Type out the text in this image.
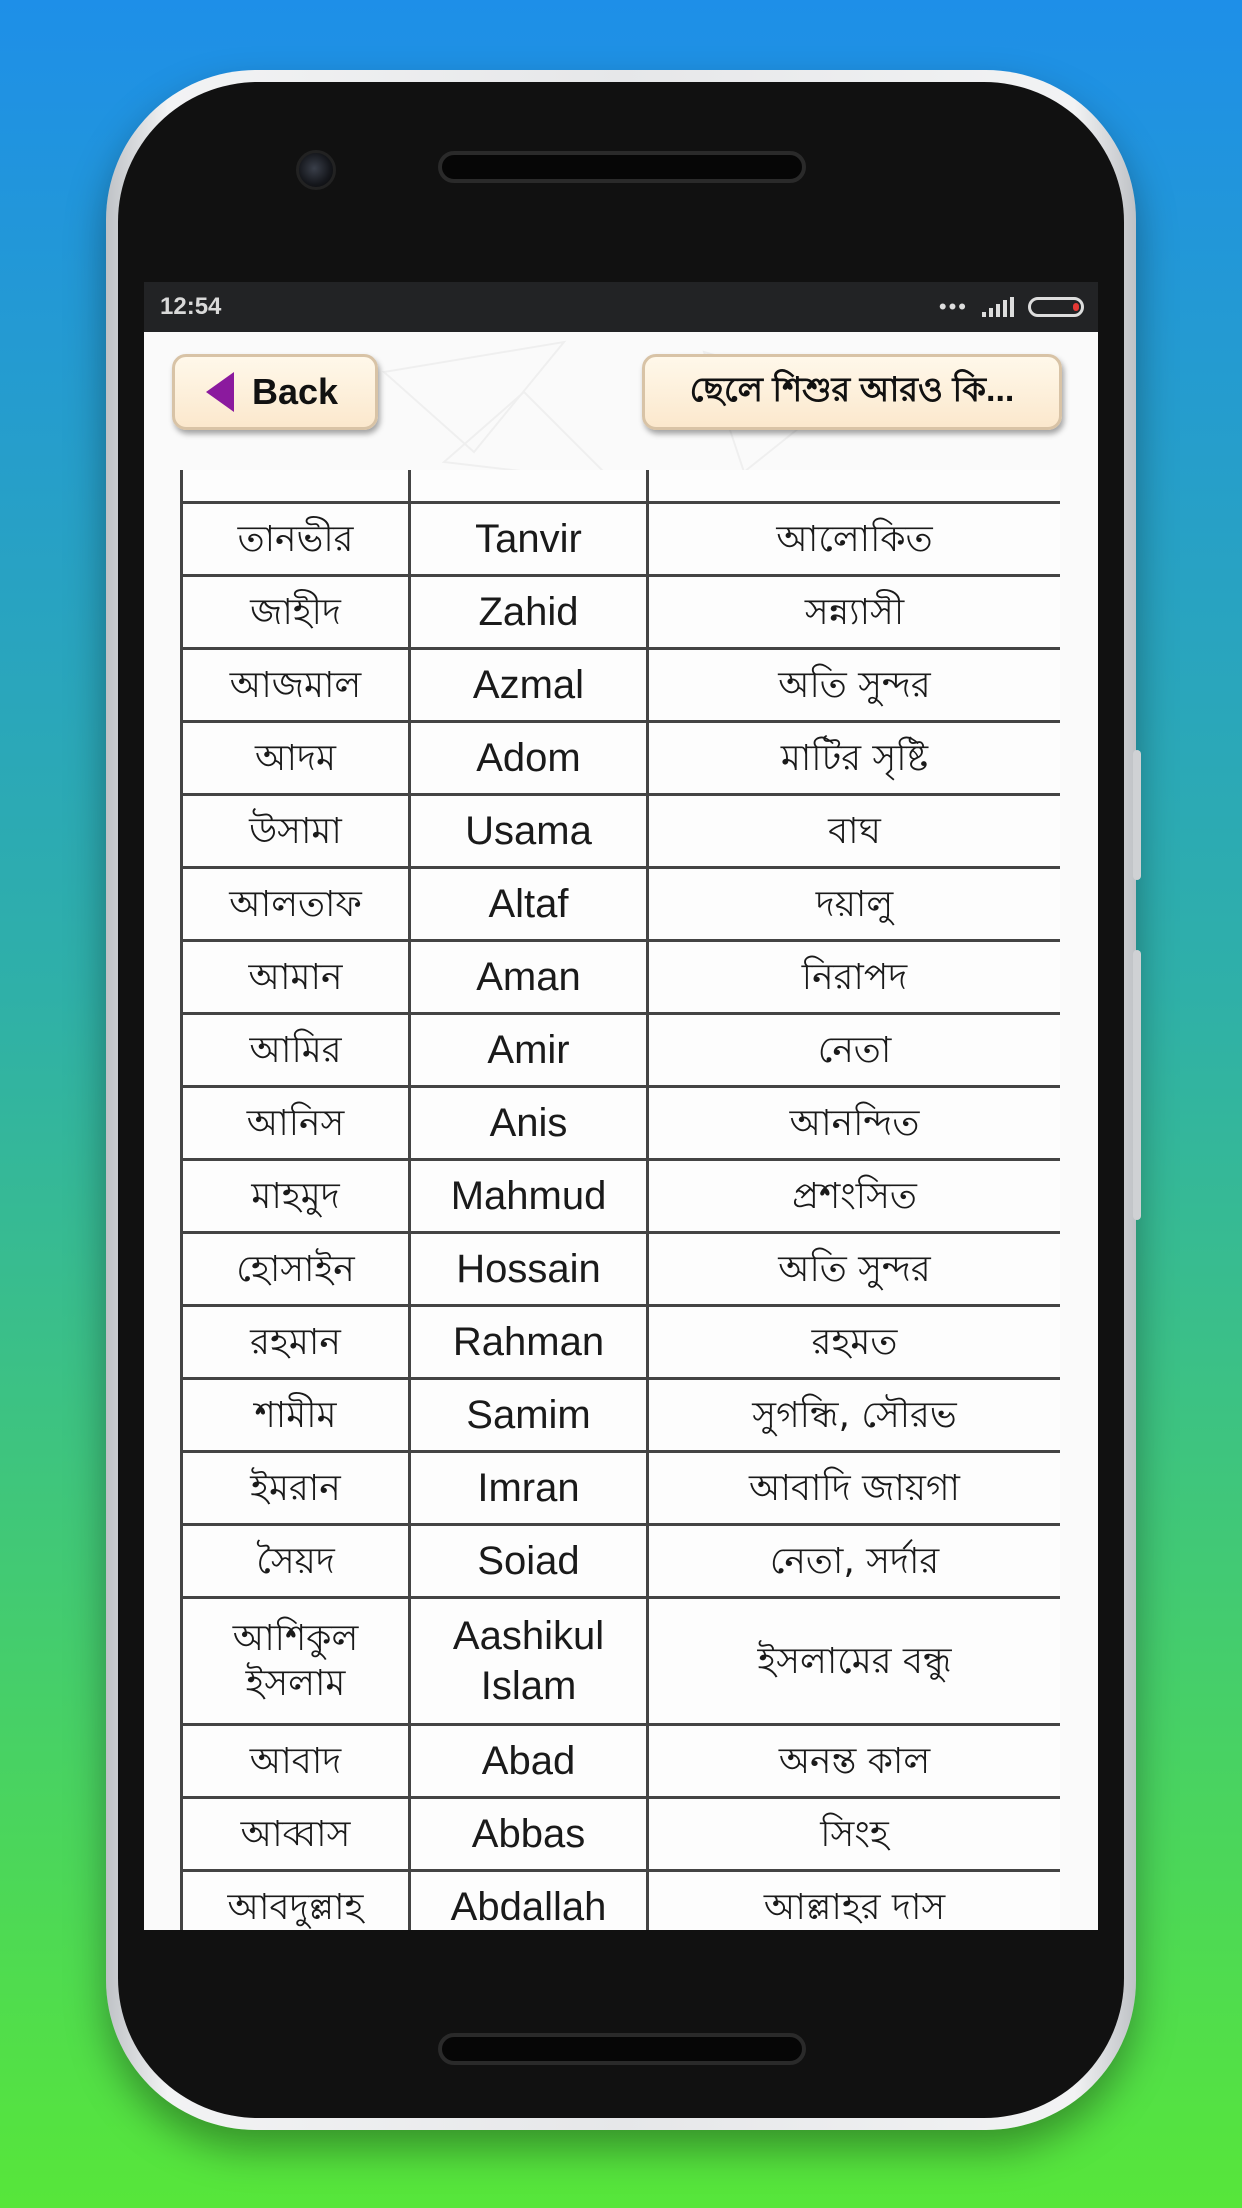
12:54	•••
Back	ছেলে শিশুর আরও কি...

তানভীর	Tanvir	আলোকিত
জাহীদ	Zahid	সন্ন্যাসী
আজমাল	Azmal	অতি সুন্দর
আদম	Adom	মাটির সৃষ্টি
উসামা	Usama	বাঘ
আলতাফ	Altaf	দয়ালু
আমান	Aman	নিরাপদ
আমির	Amir	নেতা
আনিস	Anis	আনন্দিত
মাহমুদ	Mahmud	প্রশংসিত
হোসাইন	Hossain	অতি সুন্দর
রহমান	Rahman	রহমত
শামীম	Samim	সুগন্ধি, সৌরভ
ইমরান	Imran	আবাদি জায়গা
সৈয়দ	Soiad	নেতা, সর্দার
আশিকুল ইসলাম	Aashikul Islam	ইসলামের বন্ধু
আবাদ	Abad	অনন্ত কাল
আব্বাস	Abbas	সিংহ
আবদুল্লাহ	Abdallah	আল্লাহর দাস
